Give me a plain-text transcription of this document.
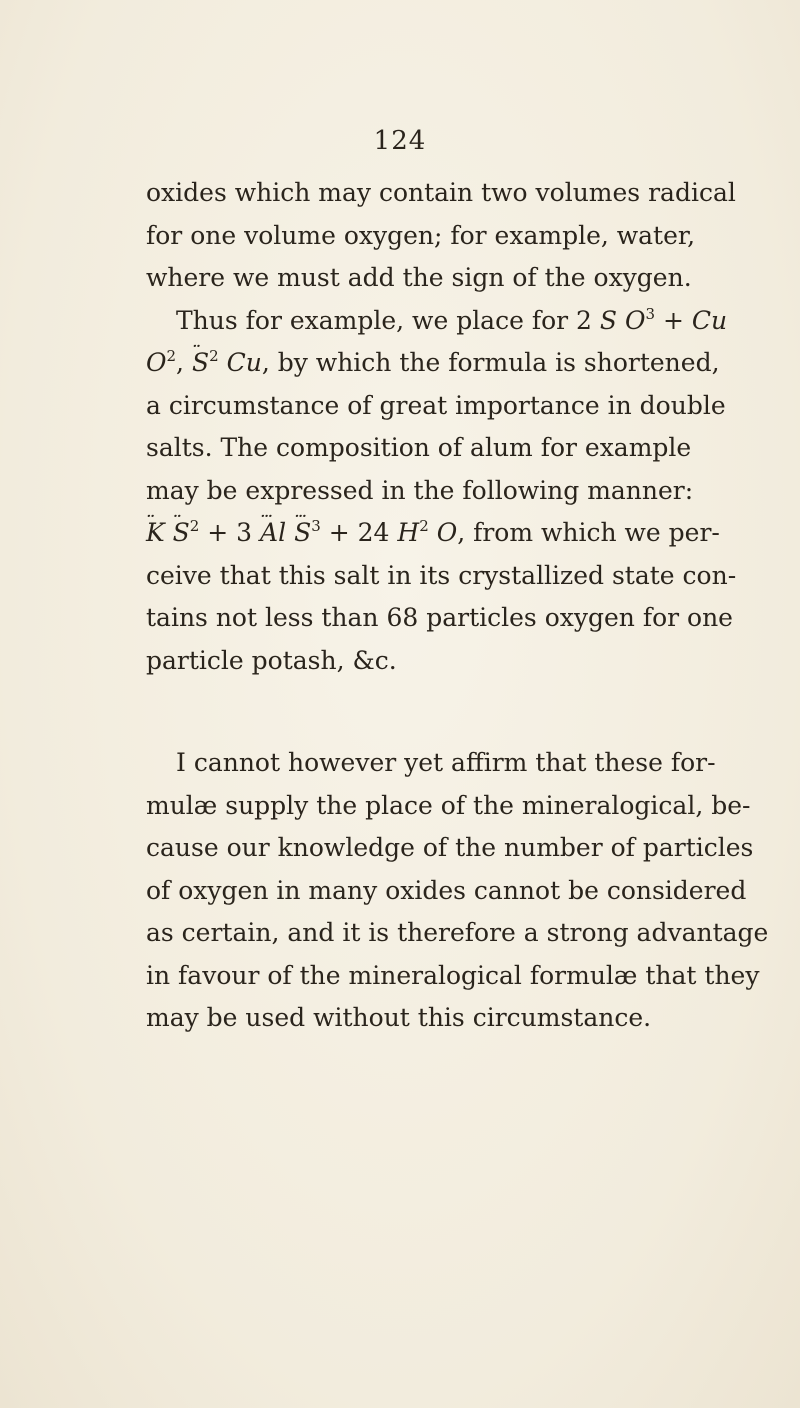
124
oxides which may contain two volumes radical
for one volume oxygen; for example, water,
where we must add the sign of the oxygen.
Thus for example, we place for 2 S $O^3 + Cu$
$O^2$, ·· $S^2$ Cu, by which the formula is shortened,
a circumstance of great importance in double
salts. The composition of alum for example
may be expressed in the following manner:
·· $K \cdot\cdot S^2 + 3$ ··· Al ··· $S^3 + 24$ $H^2$ O, from which we per-
ceive that this salt in its crystallized state con-
tains not less than 68 particles oxygen for one
particle potash, &c.
I cannot however yet affirm that these for-
mulæ supply the place of the mineralogical, be-
cause our knowledge of the number of particles
of oxygen in many oxides cannot be considered
as certain, and it is therefore a strong advantage
in favour of the mineralogical formulæ that they
may be used without this circumstance.
